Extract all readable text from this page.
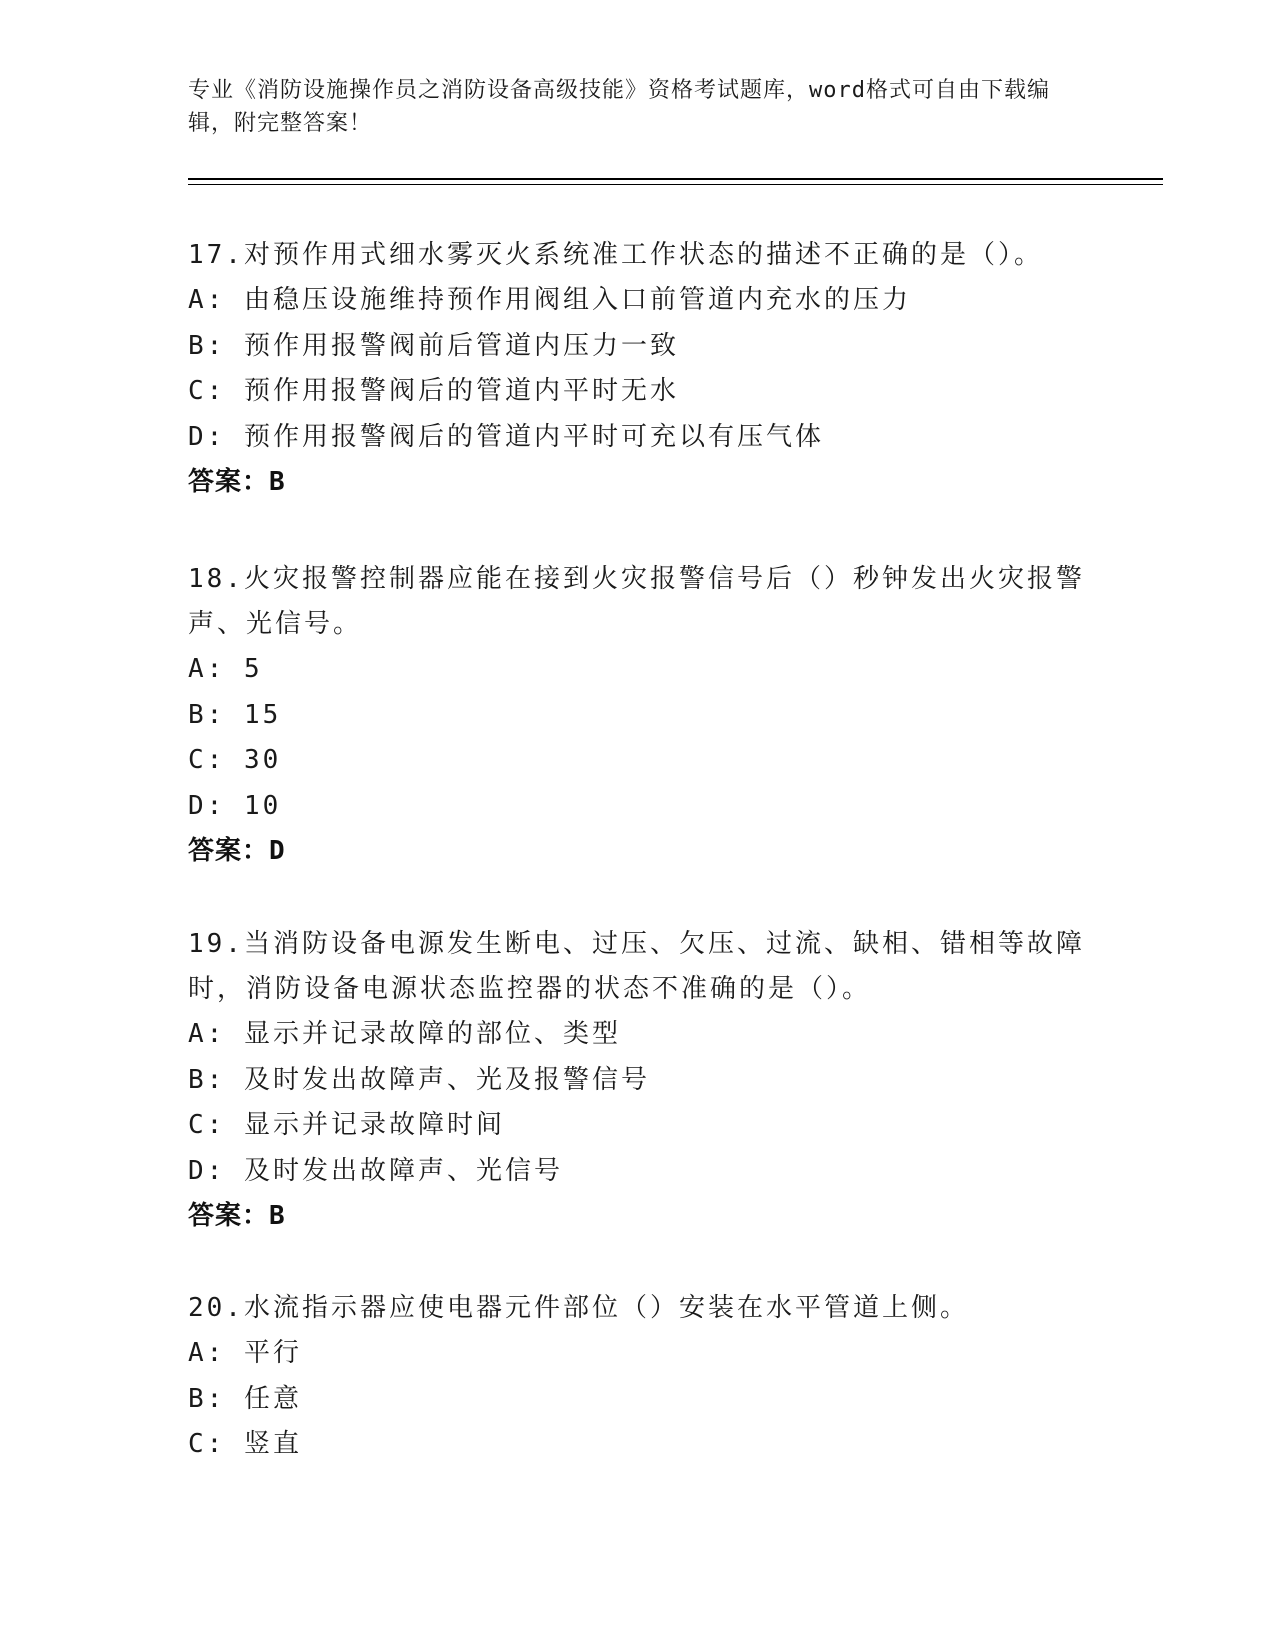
专业《消防设施操作员之消防设备高级技能》资格考试题库，word格式可自由下载编辑，附完整答案！
17.对预作用式细水雾灭火系统准工作状态的描述不正确的是（）。
A: 由稳压设施维持预作用阀组入口前管道内充水的压力
B: 预作用报警阀前后管道内压力一致
C: 预作用报警阀后的管道内平时无水
D: 预作用报警阀后的管道内平时可充以有压气体
答案：B
18.火灾报警控制器应能在接到火灾报警信号后（）秒钟发出火灾报警声、光信号。
A: 5
B: 15
C: 30
D: 10
答案：D
19.当消防设备电源发生断电、过压、欠压、过流、缺相、错相等故障时，消防设备电源状态监控器的状态不准确的是（）。
A: 显示并记录故障的部位、类型
B: 及时发出故障声、光及报警信号
C: 显示并记录故障时间
D: 及时发出故障声、光信号
答案：B
20.水流指示器应使电器元件部位（）安装在水平管道上侧。
A: 平行
B: 任意
C: 竖直
